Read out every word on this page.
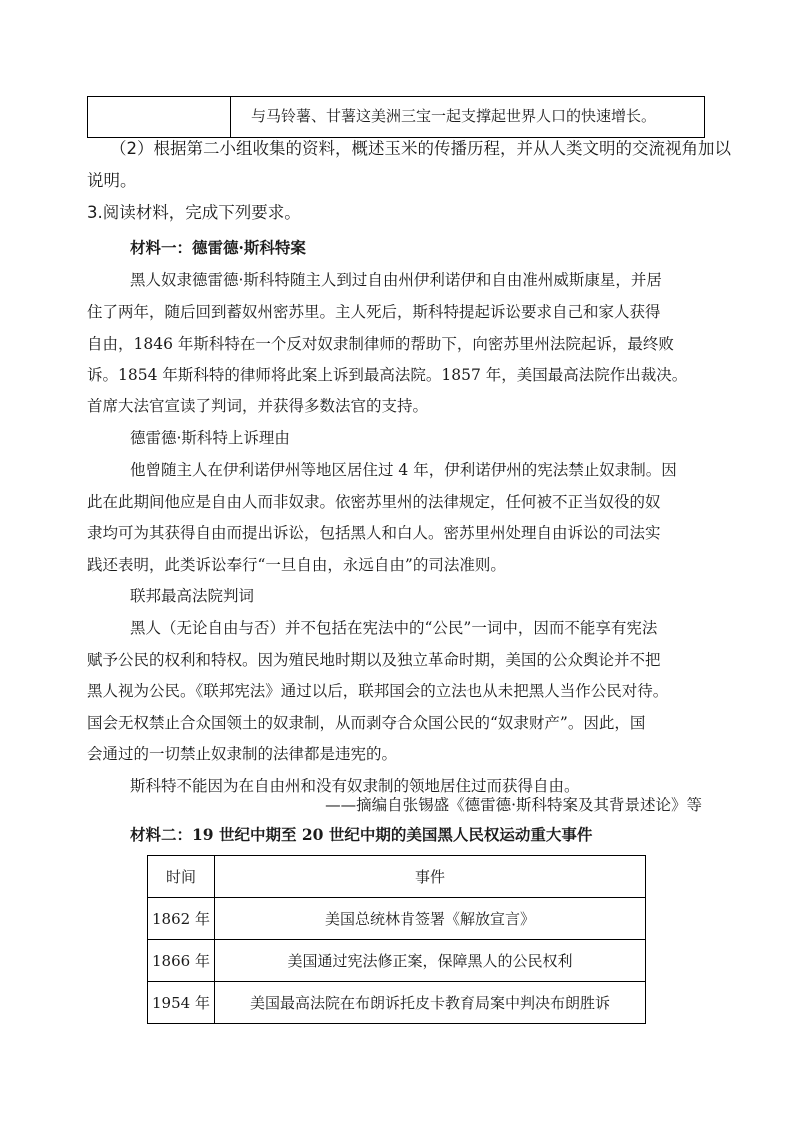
与马铃薯、甘薯这美洲三宝一起支撑起世界人口的快速增长。
（2）根据第二小组收集的资料，概述玉米的传播历程，并从人类文明的交流视角加以
说明。
3.阅读材料，完成下列要求。
材料一：德雷德·斯科特案
黑人奴隶德雷德·斯科特随主人到过自由州伊利诺伊和自由准州威斯康星，并居
住了两年，随后回到蓄奴州密苏里。主人死后，斯科特提起诉讼要求自己和家人获得
自由，1846 年斯科特在一个反对奴隶制律师的帮助下，向密苏里州法院起诉，最终败
诉。1854 年斯科特的律师将此案上诉到最高法院。1857 年，美国最高法院作出裁决。
首席大法官宣读了判词，并获得多数法官的支持。
德雷德·斯科特上诉理由
他曾随主人在伊利诺伊州等地区居住过 4 年，伊利诺伊州的宪法禁止奴隶制。因
此在此期间他应是自由人而非奴隶。依密苏里州的法律规定，任何被不正当奴役的奴
隶均可为其获得自由而提出诉讼，包括黑人和白人。密苏里州处理自由诉讼的司法实
践还表明，此类诉讼奉行“一旦自由，永远自由”的司法准则。
联邦最高法院判词
黑人（无论自由与否）并不包括在宪法中的“公民”一词中，因而不能享有宪法
赋予公民的权利和特权。因为殖民地时期以及独立革命时期，美国的公众舆论并不把
黑人视为公民。《联邦宪法》通过以后，联邦国会的立法也从未把黑人当作公民对待。
国会无权禁止合众国领土的奴隶制，从而剥夺合众国公民的“奴隶财产”。因此，国
会通过的一切禁止奴隶制的法律都是违宪的。
斯科特不能因为在自由州和没有奴隶制的领地居住过而获得自由。
——摘编自张锡盛《德雷德·斯科特案及其背景述论》等
材料二：19 世纪中期至 20 世纪中期的美国黑人民权运动重大事件
时间	事件
1862 年	美国总统林肯签署《解放宣言》
1866 年	美国通过宪法修正案，保障黑人的公民权利
1954 年	美国最高法院在布朗诉托皮卡教育局案中判决布朗胜诉
